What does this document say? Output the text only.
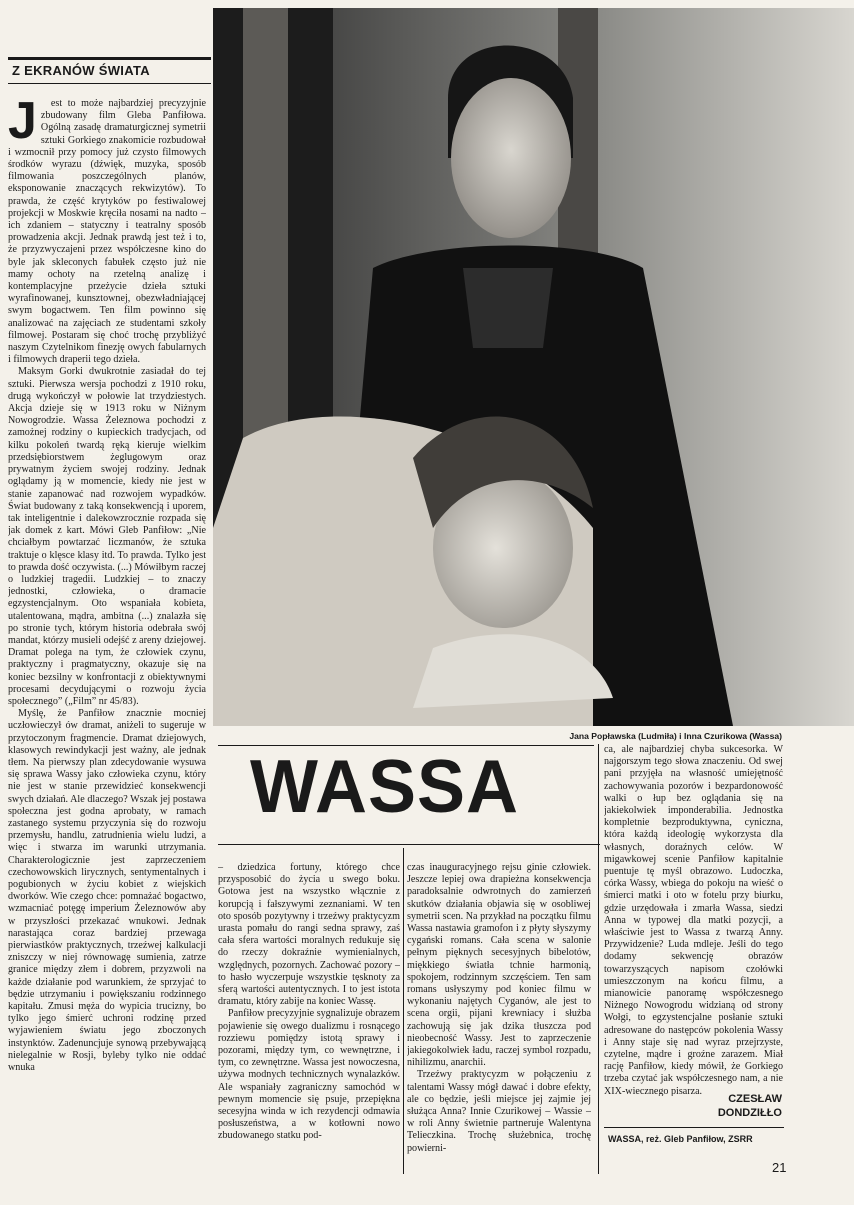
Z EKRANÓW ŚWIATA
J	est to może najbardziej precyzyjnie zbudowany film Gleba Panfiłowa. Ogólną zasadę dramaturgicznej symetrii sztuki Gorkiego znakomicie rozbudował i wzmocnił przy pomocy już czysto filmowych środków wyrazu (dźwięk, muzyka, sposób filmowania poszczególnych planów, eksponowanie znaczących rekwizytów). To prawda, że część krytyków po festiwalowej projekcji w Moskwie kręciła nosami na nadto – ich zdaniem – statyczny i teatralny sposób prowadzenia akcji. Jednak prawdą jest też i to, że przyzwyczajeni przez współczesne kino do byle jak skleconych fabułek często już nie mamy ochoty na rzetelną analizę i kontemplacyjne przeżycie dzieła sztuki wyrafinowanej, kunsztownej, obezwładniającej swym bogactwem. Ten film powinno się analizować na zajęciach ze studentami szkoły filmowej. Postaram się choć trochę przybliżyć naszym Czytelnikom finezję owych fabularnych i filmowych draperii tego dzieła.

Maksym Gorki dwukrotnie zasiadał do tej sztuki. Pierwsza wersja pochodzi z 1910 roku, drugą wykończył w połowie lat trzydziestych. Akcja dzieje się w 1913 roku w Niżnym Nowogrodzie. Wassa Żeleznowa pochodzi z zamożnej rodziny o kupieckich tradycjach, od kilku pokoleń twardą ręką kieruje wielkim przedsiębiorstwem żeglugowym oraz prywatnym życiem swojej rodziny. Jednak oglądamy ją w momencie, kiedy nie jest w stanie zapanować nad rozwojem wypadków. Świat budowany z taką konsekwencją i uporem, tak inteligentnie i dalekowzrocznie rozpada się jak domek z kart. Mówi Gleb Panfiłow: „Nie chciałbym powtarzać liczmanów, że sztuka traktuje o klęsce klasy itd. To prawda. Tylko jest to prawda dość oczywista. (...) Mówiłbym raczej o ludzkiej tragedii. Ludzkiej – to znaczy jednostki, człowieka, o dramacie egzystencjalnym. Oto wspaniała kobieta, utalentowana, mądra, ambitna (...) znalazła się po stronie tych, którym historia odebrała swój mandat, którzy musieli odejść z areny dziejowej. Dramat polega na tym, że człowiek czynu, praktyczny i pragmatyczny, okazuje się na koniec bezsilny w konfrontacji z obiektywnymi procesami decydującymi o rozwoju życia społecznego” („Film” nr 45/83).

Myślę, że Panfiłow znacznie mocniej uczłowieczył ów dramat, aniżeli to sugeruje w przytoczonym fragmencie. Dramat dziejowych, klasowych rewindykacji jest ważny, ale jednak tłem. Na pierwszy plan zdecydowanie wysuwa się sprawa Wassy jako człowieka czynu, który nie jest w stanie przewidzieć konsekwencji swych działań. Ale dlaczego? Wszak jej postawa społeczna jest godna aprobaty, w ramach zastanego systemu przyczynia się do rozwoju przemysłu, handlu, zatrudnienia wielu ludzi, a więc i stwarza im warunki utrzymania. Charakterologicznie jest zaprzeczeniem czechowowskich lirycznych, sentymentalnych i pogubionych w życiu kobiet z wiejskich dworków. Wie czego chce: pomnażać bogactwo, wzmacniać potęgę imperium Żeleznowów aby w przyszłości przekazać wnukowi. Jednak narastająca coraz bardziej przewaga pierwiastków praktycznych, trzeźwej kalkulacji zniszczy w niej równowagę sumienia, zatrze granice między złem i dobrem, przyzwoli na każde działanie pod warunkiem, że sprzyjać to będzie utrzymaniu i powiększaniu rodzinnego kapitału. Zmusi męża do wypicia trucizny, bo tylko jego śmierć uchroni rodzinę przed wyjawieniem światu jego zboczonych instynktów. Zadenuncjuje synową przebywającą nielegalnie w Rosji, byleby tylko nie oddać wnuka

Jana Popławska (Ludmiła) i Inna Czurikowa (Wassa)
WASSA

– dziedzica fortuny, którego chce przysposobić do życia u swego boku. Gotowa jest na wszystko włącznie z korupcją i fałszywymi zeznaniami. W ten oto sposób pozytywny i trzeźwy praktycyzm urasta pomału do rangi sedna sprawy, zaś cała sfera wartości moralnych redukuje się do rzeczy dokraźnie wymienialnych, względnych, pozornych. Zachować pozory – to hasło wyczerpuje wszystkie tęsknoty za sferą wartości autentycznych. I to jest istota dramatu, który zabije na koniec Wassę.

Panfiłow precyzyjnie sygnalizuje obrazem pojawienie się owego dualizmu i rosnącego rozziewu pomiędzy istotą sprawy i pozorami, między tym, co wewnętrzne, i tym, co zewnętrzne. Wassa jest nowoczesna, używa modnych technicznych wynalazków. Ale wspaniały zagraniczny samochód w pewnym momencie się psuje, przepiękna secesyjna winda w ich rezydencji odmawia posłuszeństwa, a w kotłowni nowo zbudowanego statku pod-

czas inauguracyjnego rejsu ginie człowiek. Jeszcze lepiej owa drapieżna konsekwencja paradoksalnie odwrotnych do zamierzeń skutków działania objawia się w osobliwej symetrii scen. Na przykład na początku filmu Wassa nastawia gramofon i z płyty słyszymy cygański romans. Cała scena w salonie pełnym pięknych secesyjnych bibelotów, miękkiego światła tchnie harmonią, spokojem, rodzinnym szczęściem. Ten sam romans usłyszymy pod koniec filmu w wykonaniu najętych Cyganów, ale jest to scena orgii, pijani krewniacy i służba zachowują się jak dzika tłuszcza pod nieobecność Wassy. Jest to zaprzeczenie jakiegokolwiek ładu, raczej symbol rozpadu, nihilizmu, anarchii.

Trzeźwy praktycyzm w połączeniu z talentami Wassy mógł dawać i dobre efekty, ale co będzie, jeśli miejsce jej zajmie jej służąca Anna? Innie Czurikowej – Wassie – w roli Anny świetnie partneruje Walentyna Telieczkina. Trochę służebnica, trochę powierni-

ca, ale najbardziej chyba sukcesorka. W najgorszym tego słowa znaczeniu. Od swej pani przyjęła na własność umiejętność zachowywania pozorów i bezpardonowość walki o łup bez oglądania się na jakiekolwiek imponderabilia. Jednostka kompletnie bezproduktywna, cyniczna, która każdą ideologię wykorzysta dla własnych, doraźnych celów. W migawkowej scenie Panfiłow kapitalnie puentuje tę myśl obrazowo. Ludoczka, córka Wassy, wbiega do pokoju na wieść o śmierci matki i oto w fotelu przy biurku, gdzie urzędowała i zmarła Wassa, siedzi Anna w typowej dla matki pozycji, a właściwie jest to Wassa z twarzą Anny. Przywidzenie? Luda mdleje. Jeśli do tego dodamy sekwencję obrazów towarzyszących napisom czołówki umieszczonym na końcu filmu, a mianowicie panoramę współczesnego Niżnego Nowogrodu widzianą od strony Wołgi, to egzystencjalne posłanie sztuki adresowane do następców pokolenia Wassy i Anny staje się nad wyraz przejrzyste, czytelne, mądre i groźne zarazem. Miał rację Panfiłow, kiedy mówił, że Gorkiego trzeba czytać jak współczesnego nam, a nie XIX-wiecznego pisarza.

CZESŁAW
DONDZIŁŁO
WASSA, reż. Gleb Panfiłow, ZSRR
21
